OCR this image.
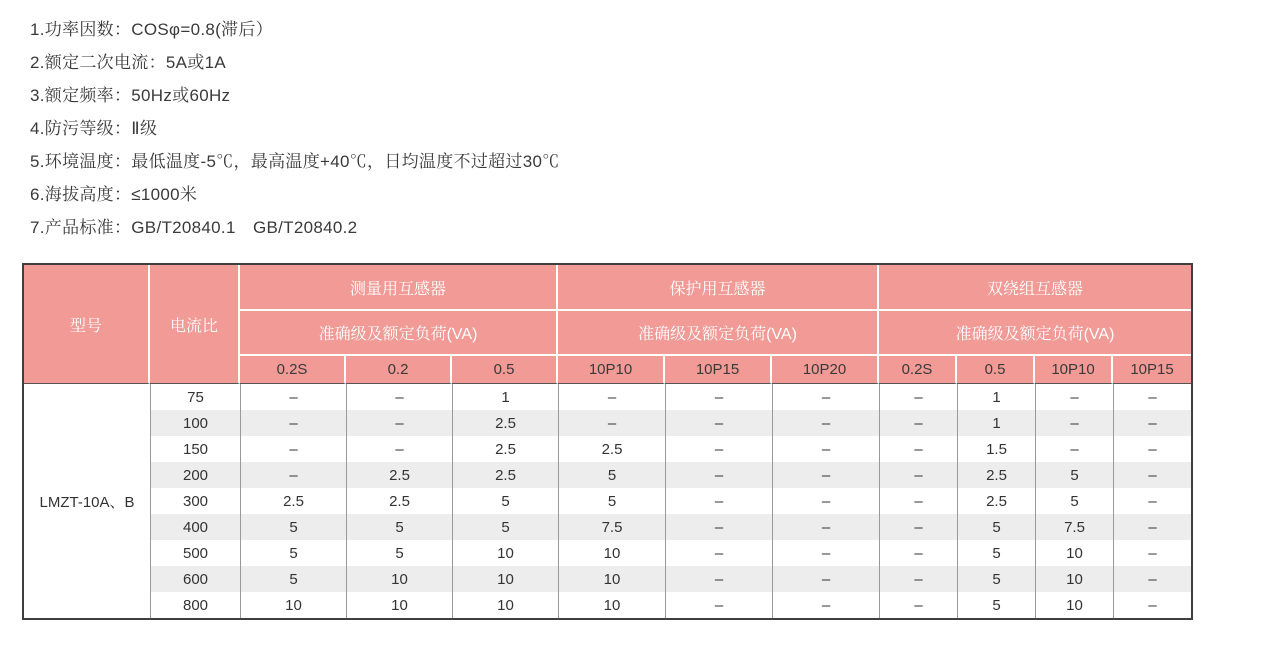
1.功率因数：COSφ=0.8(滞后）
2.额定二次电流：5A或1A
3.额定频率：50Hz或60Hz
4.防污等级：Ⅱ级
5.环境温度：最低温度-5℃，最高温度+40℃，日均温度不过超过30℃
6.海拔高度：≤1000米
7.产品标准：GB/T20840.1　GB/T20840.2
型号	电流比	测量用互感器			保护用互感器			双绕组互感器			
		准确级及额定负荷(VA)			准确级及额定负荷(VA)			准确级及额定负荷(VA)			
		0.2S	0.2	0.5	10P10	10P15	10P20	0.2S	0.5	10P10	10P15
LMZT-10A、B	75	–	–	1	–	–	–	–	1	–	–
	100	–	–	2.5	–	–	–	–	1	–	–
	150	–	–	2.5	2.5	–	–	–	1.5	–	–
	200	–	2.5	2.5	5	–	–	–	2.5	5	–
	300	2.5	2.5	5	5	–	–	–	2.5	5	–
	400	5	5	5	7.5	–	–	–	5	7.5	–
	500	5	5	10	10	–	–	–	5	10	–
	600	5	10	10	10	–	–	–	5	10	–
	800	10	10	10	10	–	–	–	5	10	–
